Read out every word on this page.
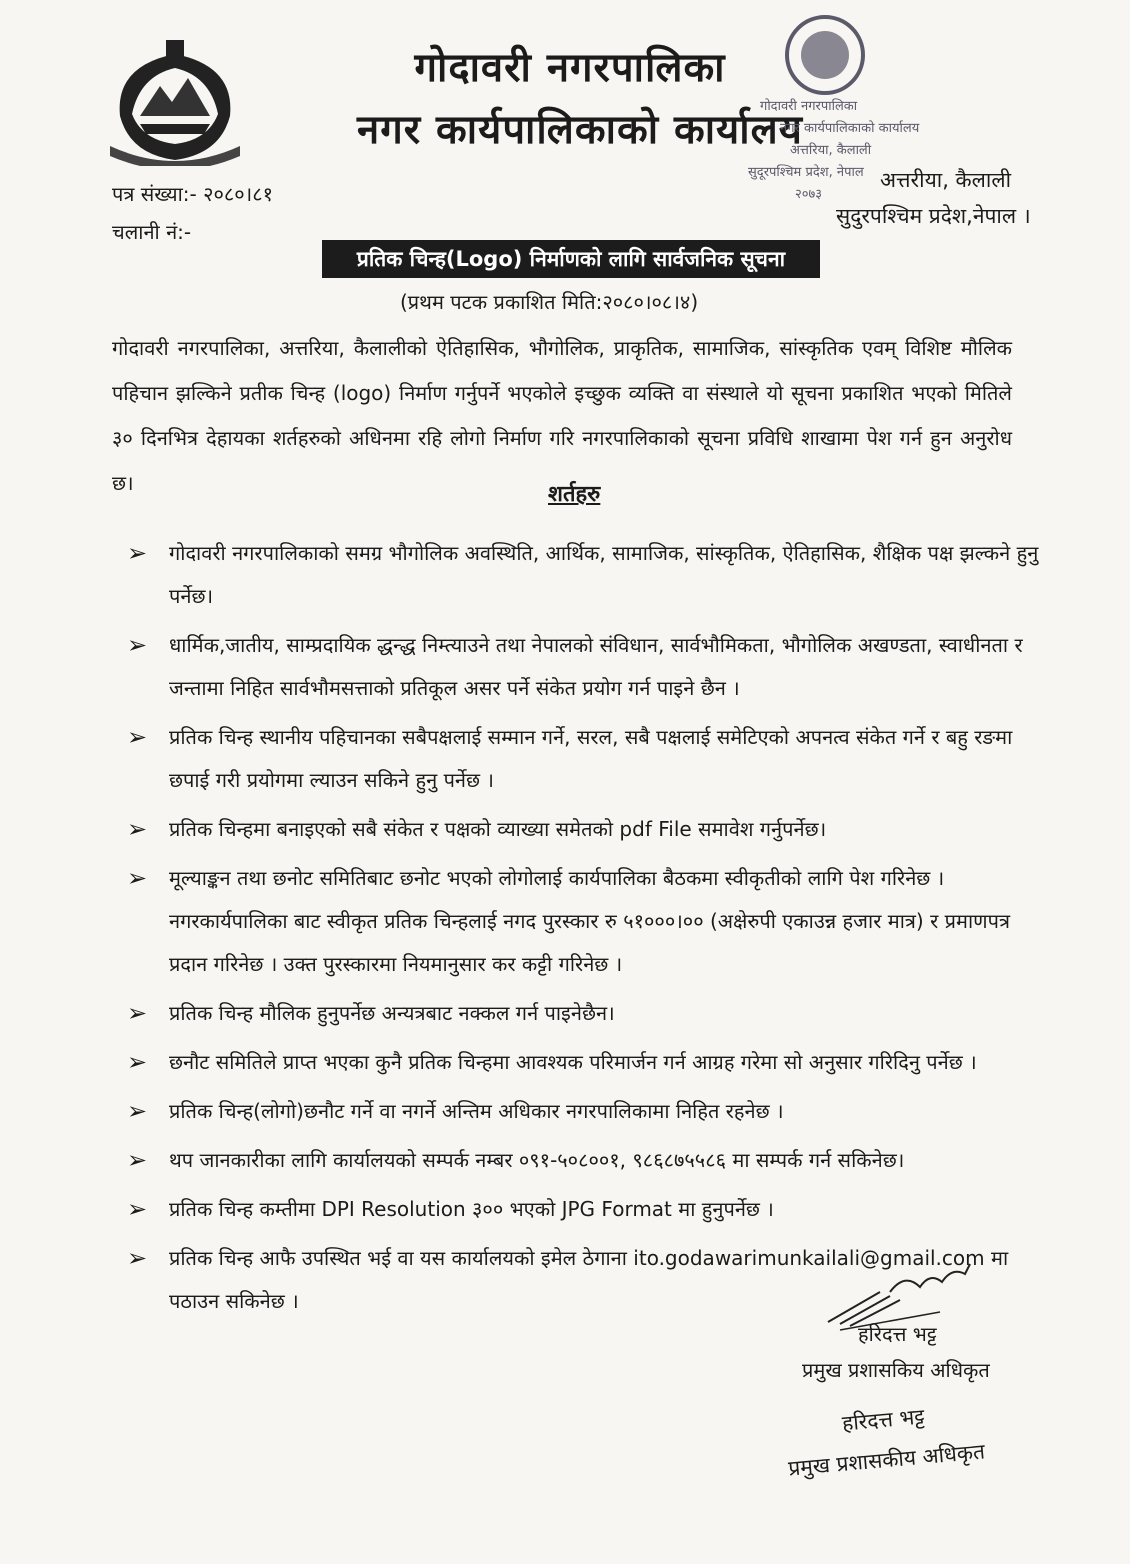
गोदावरी नगरपालिका
नगर कार्यपालिकाको कार्यालय
गोदावरी नगरपालिका
नगर कार्यपालिकाको कार्यालय
अत्तरिया, कैलाली
सुदूरपश्चिम प्रदेश, नेपाल
२०७३
पत्र संख्या:- २०८०।८१
चलानी नं:-
अत्तरीया, कैलाली
सुदुरपश्चिम प्रदेश,नेपाल ।
प्रतिक चिन्ह(Logo) निर्माणको लागि सार्वजनिक सूचना
(प्रथम पटक प्रकाशित मिति:२०८०।०८।४)
गोदावरी नगरपालिका, अत्तरिया, कैलालीको ऐतिहासिक, भौगोलिक, प्राकृतिक, सामाजिक, सांस्कृतिक एवम् विशिष्ट मौलिक पहिचान झल्किने प्रतीक चिन्ह (logo) निर्माण गर्नुपर्ने भएकोले इच्छुक व्यक्ति वा संस्थाले यो सूचना प्रकाशित भएको मितिले ३० दिनभित्र देहायका शर्तहरुको अधिनमा रहि लोगो निर्माण गरि नगरपालिकाको सूचना प्रविधि शाखामा पेश गर्न हुन अनुरोध छ।	शर्तहरु
➢ गोदावरी नगरपालिकाको समग्र भौगोलिक अवस्थिति, आर्थिक, सामाजिक, सांस्कृतिक, ऐतिहासिक, शैक्षिक पक्ष झल्कने हुनु पर्नेछ।
➢ धार्मिक,जातीय, साम्प्रदायिक द्धन्द्ध निम्त्याउने तथा नेपालको संविधान, सार्वभौमिकता, भौगोलिक अखण्डता, स्वाधीनता र जन्तामा निहित सार्वभौमसत्ताको प्रतिकूल असर पर्ने संकेत प्रयोग गर्न पाइने छैन ।
➢ प्रतिक चिन्ह स्थानीय पहिचानका सबैपक्षलाई सम्मान गर्ने, सरल, सबै पक्षलाई समेटिएको अपनत्व संकेत गर्ने र बहु रङमा छपाई गरी प्रयोगमा ल्याउन सकिने हुनु पर्नेछ ।
➢ प्रतिक चिन्हमा बनाइएको सबै संकेत र पक्षको व्याख्या समेतको pdf File समावेश गर्नुपर्नेछ।
➢ मूल्याङ्कन तथा छनोट समितिबाट छनोट भएको लोगोलाई कार्यपालिका बैठकमा स्वीकृतीको लागि पेश गरिनेछ । नगरकार्यपालिका बाट स्वीकृत प्रतिक चिन्हलाई नगद पुरस्कार रु ५१०००।०० (अक्षेरुपी एकाउन्न हजार मात्र) र प्रमाणपत्र प्रदान गरिनेछ । उक्त पुरस्कारमा नियमानुसार कर कट्टी गरिनेछ ।
➢ प्रतिक चिन्ह मौलिक हुनुपर्नेछ अन्यत्रबाट नक्कल गर्न पाइनेछैन।
➢ छनौट समितिले प्राप्त भएका कुनै प्रतिक चिन्हमा आवश्यक परिमार्जन गर्न आग्रह गरेमा सो अनुसार गरिदिनु पर्नेछ ।
➢ प्रतिक चिन्ह(लोगो)छनौट गर्ने वा नगर्ने अन्तिम अधिकार नगरपालिकामा निहित रहनेछ ।
➢ थप जानकारीका लागि कार्यालयको सम्पर्क नम्बर ०९१-५०८००१, ९८६८७५५८६ मा सम्पर्क गर्न सकिनेछ।
➢ प्रतिक चिन्ह कम्तीमा DPI Resolution ३०० भएको JPG Format मा हुनुपर्नेछ ।
➢ प्रतिक चिन्ह आफै उपस्थित भई वा यस कार्यालयको इमेल ठेगाना ito.godawarimunkailali@gmail.com मा पठाउन सकिनेछ ।
हरिदत्त भट्ट
प्रमुख प्रशासकिय अधिकृत
हरिदत्त भट्ट
प्रमुख प्रशासकीय अधिकृत
